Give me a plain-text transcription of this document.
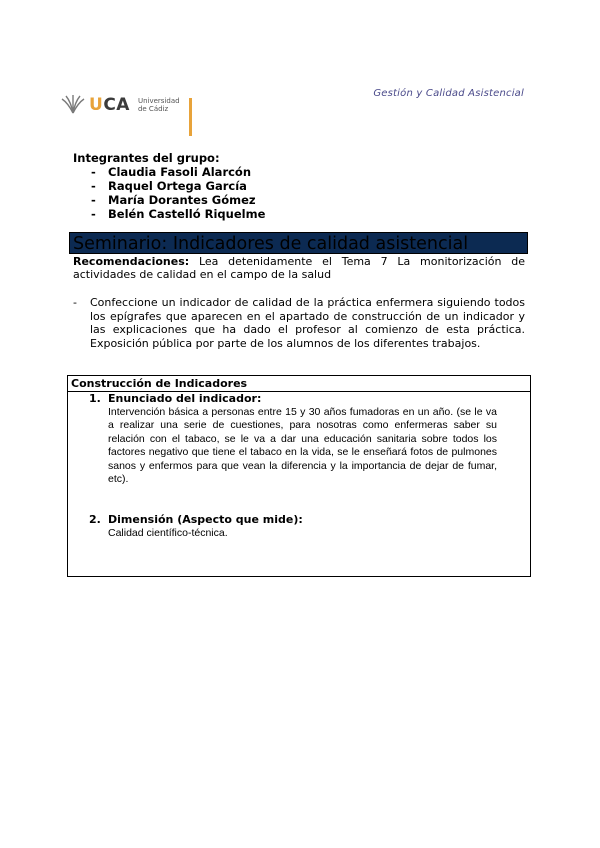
Gestión y Calidad Asistencial
UCA Universidad
de Cádiz
Integrantes del grupo:
- Claudia Fasoli Alarcón
- Raquel Ortega García
- María Dorantes Gómez
- Belén Castelló Riquelme
Seminario: Indicadores de calidad asistencial
Recomendaciones: Lea detenidamente el Tema 7 La monitorización de actividades de calidad en el campo de la salud
-	Confeccione un indicador de calidad de la práctica enfermera siguiendo todos los epígrafes que aparecen en el apartado de construcción de un indicador y las explicaciones que ha dado el profesor al comienzo de esta práctica. Exposición pública por parte de los alumnos de los diferentes trabajos.
Construcción de Indicadores
1. Enunciado del indicador:
Intervención básica a personas entre 15 y 30 años fumadoras en un año. (se le va a realizar una serie de cuestiones, para nosotras como enfermeras saber su relación con el tabaco, se le va a dar una educación sanitaria sobre todos los factores negativo que tiene el tabaco en la vida, se le enseñará fotos de pulmones sanos y enfermos para que vean la diferencia y la importancia de dejar de fumar, etc).
2. Dimensión (Aspecto que mide):
Calidad científico-técnica.
